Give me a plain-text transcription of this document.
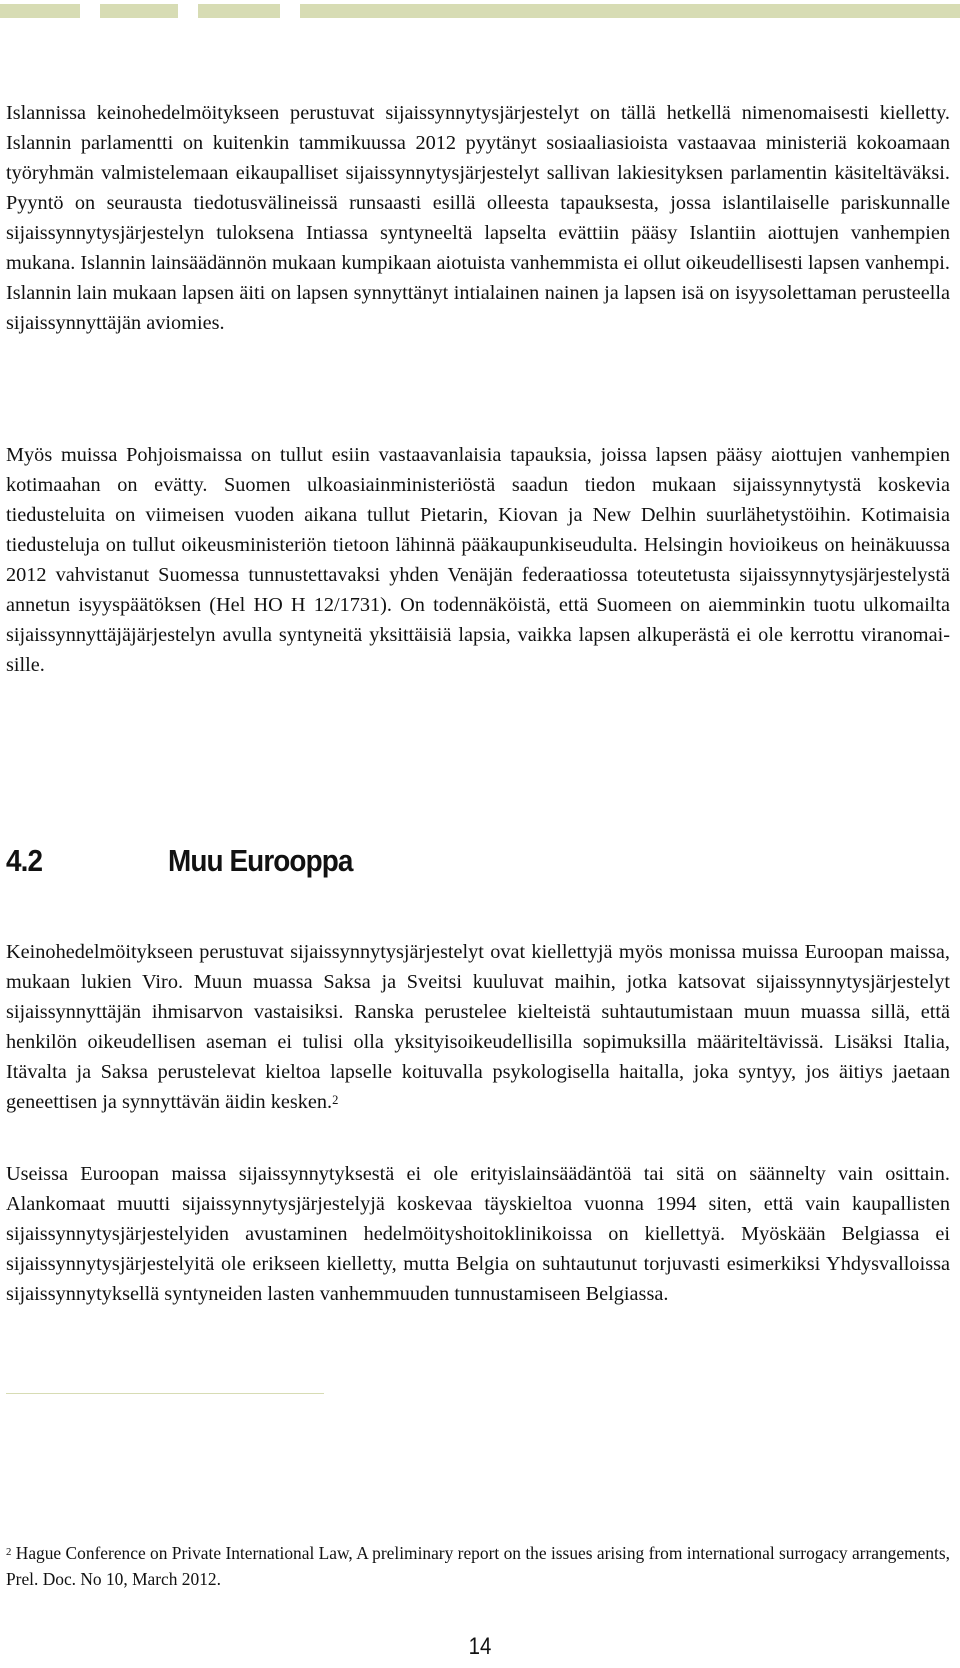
Islannissa keinohedelmöitykseen perustuvat sijaissynnytysjärjestelyt on tällä hetkellä nimenomaisesti kielletty. Islannin parlamentti on kuitenkin tammikuussa 2012 pyytänyt sosiaaliasioista vastaavaa ministeriä kokoamaan työryhmän valmistelemaan eikaupalliset sijaissynnytysjärjestelyt sallivan lakiesityksen parlamentin käsiteltäväksi. Pyyntö on seurausta tiedotusvälineissä runsaasti esillä olleesta tapauksesta, jossa islantilaiselle pariskunnalle sijaissynnytysjärjestelyn tuloksena Intiassa syntyneeltä lapselta evättiin pääsy Islantiin aiottujen vanhempien mukana. Islannin lainsäädännön mukaan kumpikaan aiotuista vanhemmista ei ollut oikeudellisesti lapsen vanhempi. Islannin lain mukaan lapsen äiti on lapsen synnyttänyt intialainen nainen ja lapsen isä on isyysolettaman perusteella sijaissynnyttäjän aviomies.

Myös muissa Pohjoismaissa on tullut esiin vastaavanlaisia tapauksia, joissa lapsen pääsy aiottujen vanhempien kotimaahan on evätty. Suomen ulkoasiainministeriöstä saadun tiedon mukaan sijaissynnytystä koskevia tiedusteluita on viimeisen vuoden aikana tullut Pietarin, Kiovan ja New Delhin suurlähetystöihin. Kotimaisia tiedusteluja on tullut oikeusministeriön tietoon lähinnä pääkaupunkiseudulta. Helsingin hovioikeus on heinäkuussa 2012 vahvistanut Suomessa tunnustettavaksi yhden Venäjän federaatiossa toteutetusta sijaissynnytysjärjestelystä annetun isyyspäätöksen (Hel HO H 12/1731). On todennäköistä, että Suomeen on aiemminkin tuotu ulkomailta sijaissynnyttäjäjärjestelyn avulla syntyneitä yksittäisiä lapsia, vaikka lapsen alkuperästä ei ole kerrottu viranomaisille.

4.2	Muu Eurooppa

Keinohedelmöitykseen perustuvat sijaissynnytysjärjestelyt ovat kiellettyjä myös monissa muissa Euroopan maissa, mukaan lukien Viro. Muun muassa Saksa ja Sveitsi kuuluvat maihin, jotka katsovat sijaissynnytysjärjestelyt sijaissynnyttäjän ihmisarvon vastaisiksi. Ranska perustelee kielteistä suhtautumistaan muun muassa sillä, että henkilön oikeudellisen aseman ei tulisi olla yksityisoikeudellisilla sopimuksilla määriteltävissä. Lisäksi Italia, Itävalta ja Saksa perustelevat kieltoa lapselle koituvalla psykologisella haitalla, joka syntyy, jos äitiys jaetaan geneettisen ja synnyttävän äidin kesken.$^2$

Useissa Euroopan maissa sijaissynnytyksestä ei ole erityislainsäädäntöä tai sitä on säännelty vain osittain. Alankomaat muutti sijaissynnytysjärjestelyjä koskevaa täyskieltoa vuonna 1994 siten, että vain kaupallisten sijaissynnytysjärjestelyiden avustaminen hedelmöityshoitoklinikoissa on kiellettyä. Myöskään Belgiassa ei sijaissynnytysjärjestelyitä ole erikseen kielletty, mutta Belgia on suhtautunut torjuvasti esimerkiksi Yhdysvalloissa sijaissynnytyksellä syntyneiden lasten vanhemmuuden tunnustamiseen Belgiassa.

$^2$ Hague Conference on Private International Law, A preliminary report on the issues arising from international surrogacy arrangements, Prel. Doc. No 10, March 2012.

14
